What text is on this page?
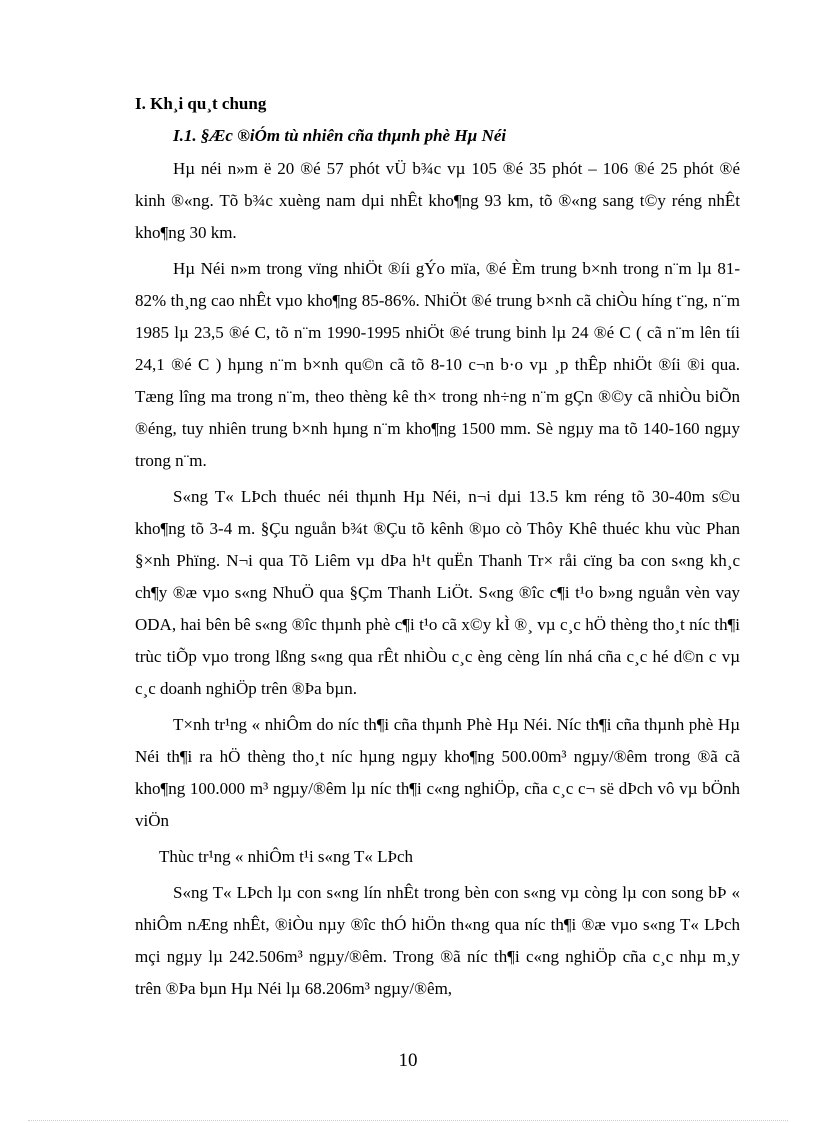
I. Kh¸i qu¸t chung

I.1. §Æc ®iÓm tù nhiên cña thµnh phè Hµ Néi

Hµ néi n»m ë 20 ®é 57 phót vÜ b¾c vµ 105 ®é 35 phót – 106 ®é 25 phót ®é kinh ®«ng. Tõ b¾c xuèng nam dµi nhÊt kho¶ng 93 km, tõ ®«ng sang t©y réng nhÊt kho¶ng 30 km.

Hµ Néi n»m trong vïng nhiÖt ®íi gÝo mïa, ®é Èm trung b×nh trong n¨m lµ 81-82% th¸ng cao nhÊt vµo kho¶ng 85-86%. NhiÖt ®é trung b×nh cã chiÒu híng t¨ng, n¨m 1985 lµ 23,5 ®é C, tõ n¨m 1990-1995 nhiÖt ®é trung binh lµ 24 ®é C ( cã n¨m lên tíi 24,1 ®é C ) hµng n¨m b×nh qu©n cã tõ 8-10 c¬n b·o vµ ¸p thÊp nhiÖt ®íi ®i qua. Tæng lîng ma trong n¨m, theo thèng kê th× trong nh÷ng n¨m gÇn ®©y cã nhiÒu biÕn ®éng, tuy nhiên trung b×nh hµng n¨m kho¶ng 1500 mm. Sè ngµy ma tõ 140-160 ngµy trong n¨m.

S«ng T« LÞch thuéc néi thµnh Hµ Néi, n¬i dµi 13.5 km réng tõ 30-40m s©u kho¶ng tõ 3-4 m. §Çu nguån b¾t ®Çu tõ kênh ®µo cò Thôy Khê thuéc khu vùc Phan §×nh Phïng. N¬i qua Tõ Liêm vµ dÞa h¹t quËn Thanh Tr× råi cïng ba con s«ng kh¸c ch¶y ®æ vµo s«ng NhuÖ qua §Çm Thanh LiÖt. S«ng ®îc c¶i t¹o b»ng nguån vèn vay ODA, hai bên bê s«ng ®îc thµnh phè c¶i t¹o cã x©y kÌ ®¸ vµ c¸c hÖ thèng tho¸t níc th¶i trùc tiÕp vµo trong lßng s«ng qua rÊt nhiÒu c¸c èng cèng lín nhá cña c¸c hé d©n c vµ c¸c doanh nghiÖp trên ®Þa bµn.

T×nh tr¹ng « nhiÔm do níc th¶i cña thµnh Phè Hµ Néi. Níc th¶i cña thµnh phè Hµ Néi th¶i ra hÖ thèng tho¸t níc hµng ngµy kho¶ng 500.00m³ ngµy/®êm trong ®ã cã kho¶ng 100.000 m³ ngµy/®êm lµ níc th¶i c«ng nghiÖp, cña c¸c c¬ së dÞch vô vµ bÖnh viÖn

Thùc tr¹ng « nhiÔm t¹i s«ng T« LÞch

S«ng T« LÞch lµ con s«ng lín nhÊt trong bèn con s«ng vµ còng lµ con song bÞ « nhiÔm nÆng nhÊt, ®iÒu nµy ®îc thÓ hiÖn th«ng qua níc th¶i ®æ vµo s«ng T« LÞch mçi ngµy lµ 242.506m³ ngµy/®êm. Trong ®ã níc th¶i c«ng nghiÖp cña c¸c nhµ m¸y trên ®Þa bµn Hµ Néi lµ 68.206m³ ngµy/®êm,

10
